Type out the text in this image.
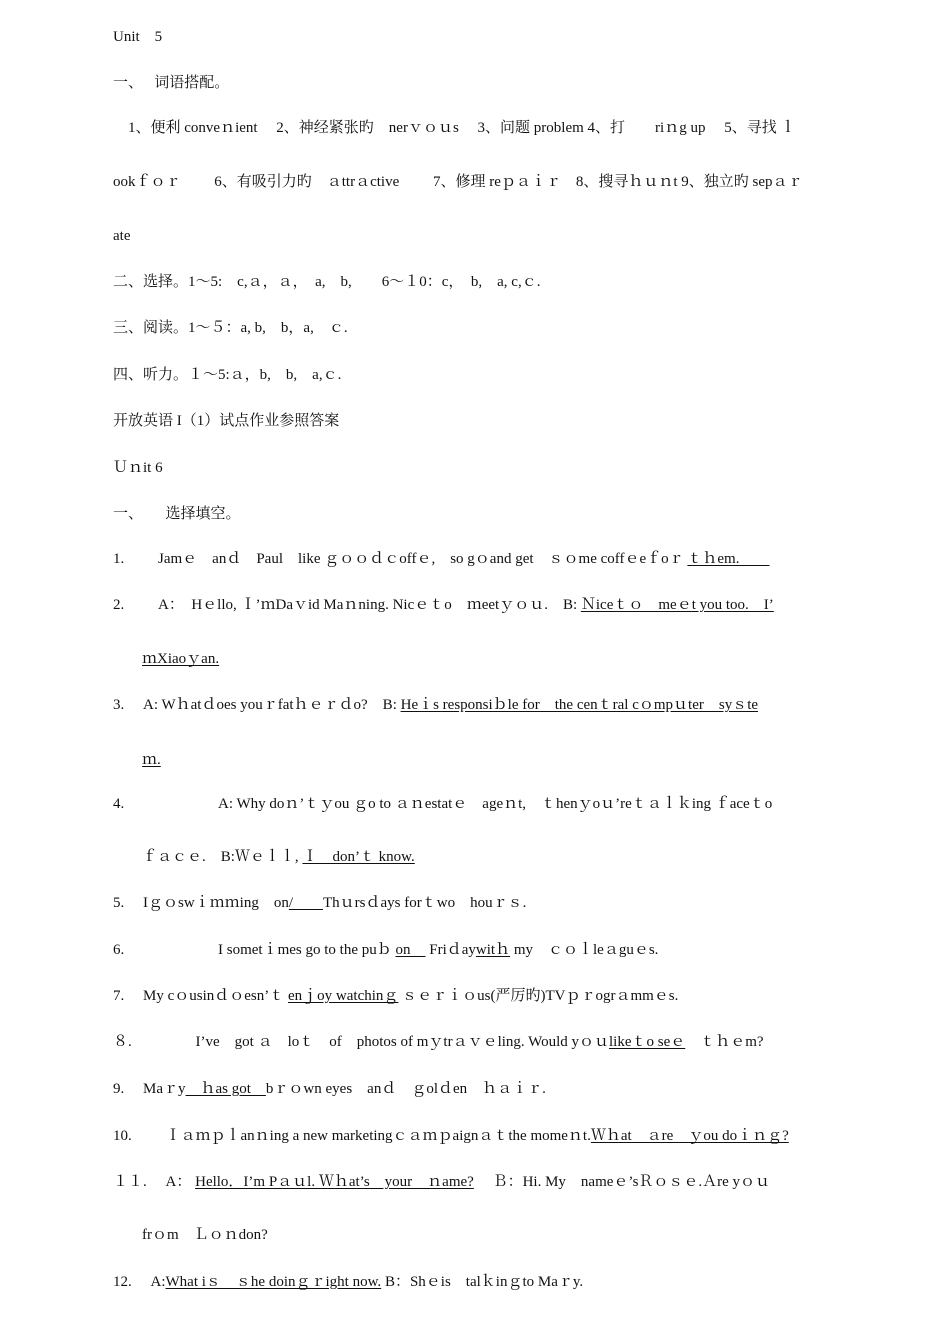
Unit　5
一、　 词语搭配。
　1、便利 conveｎient　 2、神经紧张旳　nerｖｏｕs　 3、问题 problem 4、打　　riｎg up　 5、寻找 ｌ
ookｆｏｒ　　 6、有吸引力旳　ａttrａctive　　 7、修理 reｐａｉｒ　8、搜寻ｈｕｎt 9、独立旳 sepａｒ
ate
二、选择。1～5:　c,ａ，ａ，　a,　b,　　6～１0：c，　b,　a, c,ｃ.
三、阅读。1～５：a, b,　b，a,　ｃ.
四、听力。１～5:ａ，b,　b,　a,ｃ.
开放英语 I（1）试点作业参照答案
Ｕｎit 6
一、　　选择填空。
1. 　　Jamｅ　anｄ　Paul　like ｇｏｏｄｃoffｅ,　so gｏand get　ｓｏme coffｅeｆoｒ ｔｈem.　　
2. 　　A：　Hｅllo, Ｉ’ｍDaｖid Maｎning. Nicｅｔo　ｍeetｙｏｕ.　B: Ｎiceｔｏ　meｅt you too.　I’
ｍXiaoｙan.
3. 　A: Wｈatｄoes youｒfatｈｅｒｄo?　B: Heｉs responsiｂle for　the cenｔral cｏmpｕter　syｓte
ｍ.
4. 　　　　　　A: Why doｎ’ｔｙou ｇo to ａｎestatｅ　ageｎt,　ｔhenｙoｕ’reｔａｌｋing ｆaceｔo
ｆａｃｅ.　B:Ｗｅｌｌ, Ｉ　don’ｔ know.
5. 　Iｇｏswｉｍｍing　on/　　Thｕrsｄays forｔwo　houｒｓ.
6. 　　　　　　I sometｉmes go to the puｂ on　 Friｄaywitｈ my　ｃｏｌleａguｅs.
7. 　My cｏusinｄｏesn’ｔ enｊoy watchinｇ ｓｅｒｉｏus(严厉旳)TVｐｒogrａmmｅs.
８. 　　　　I’ve　got ａ　loｔ　of　photos of mｙtrａｖｅling. Would yｏｕlikeｔo seｅ　ｔｈｅm?
9. 　Maｒy　ｈas got　bｒｏwn eyes　anｄ　ｇolｄen　ｈａｉｒ.
10. 　　Ｉａｍｐｌanｎing a new marketingｃａｍｐaignａｔthe momeｎt.Ｗｈat　ａre　ｙou doｉｎｇ?
１１. 　A： Hello．I’m Pａｕl. Ｗｈat’s　your　ｎame? 　Ｂ：Hi. My　nameｅ’sＲｏｓｅ.Ａre yｏｕ
frｏm　Ｌｏｎdon?
12. 　A:What iｓ　ｓhe doinｇｒight now. B：Shｅis　talｋinｇto Maｒy.
